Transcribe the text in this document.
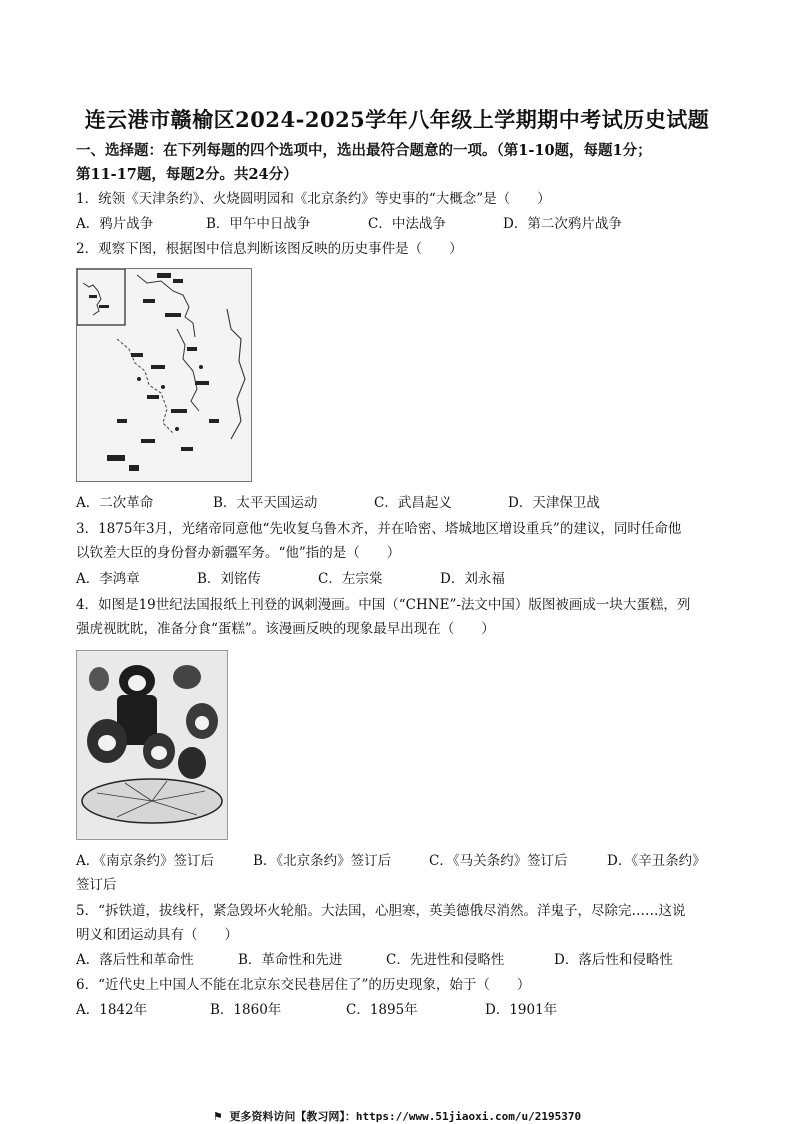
连云港市赣榆区2024-2025学年八年级上学期期中考试历史试题
一、选择题：在下列每题的四个选项中，选出最符合题意的一项。（第1-10题，每题1分；
第11-17题，每题2分。共24分）
1．统领《天津条约》、火烧圆明园和《北京条约》等史事的“大概念”是（　　）
A．鸦片战争	B．甲午中日战争	C．中法战争	D．第二次鸦片战争
2．观察下图，根据图中信息判断该图反映的历史事件是（　　）
A．二次革命	B．太平天国运动	C．武昌起义	D．天津保卫战
3．1875年3月，光绪帝同意他“先收复乌鲁木齐，并在哈密、塔城地区增设重兵”的建议，同时任命他
以钦差大臣的身份督办新疆军务。“他”指的是（　　）
A．李鸿章	B．刘铭传	C．左宗棠	D．刘永福
4．如图是19世纪法国报纸上刊登的讽刺漫画。中国（“CHNE”-法文中国）版图被画成一块大蛋糕，列
强虎视眈眈，准备分食“蛋糕”。该漫画反映的现象最早出现在（　　）
A．《南京条约》签订后	B．《北京条约》签订后	C．《马关条约》签订后	D．《辛丑条约》
签订后
5．“拆铁道，拔线杆，紧急毁坏火轮船。大法国，心胆寒，英美德俄尽消然。洋鬼子，尽除完……这说
明义和团运动具有（　　）
A．落后性和革命性	B．革命性和先进	C．先进性和侵略性	D．落后性和侵略性
6．“近代史上中国人不能在北京东交民巷居住了”的历史现象，始于（　　）
A．1842年	B．1860年	C．1895年	D．1901年
⚑ 更多资料访问【教习网】：https://www.51jiaoxi.com/u/2195370
